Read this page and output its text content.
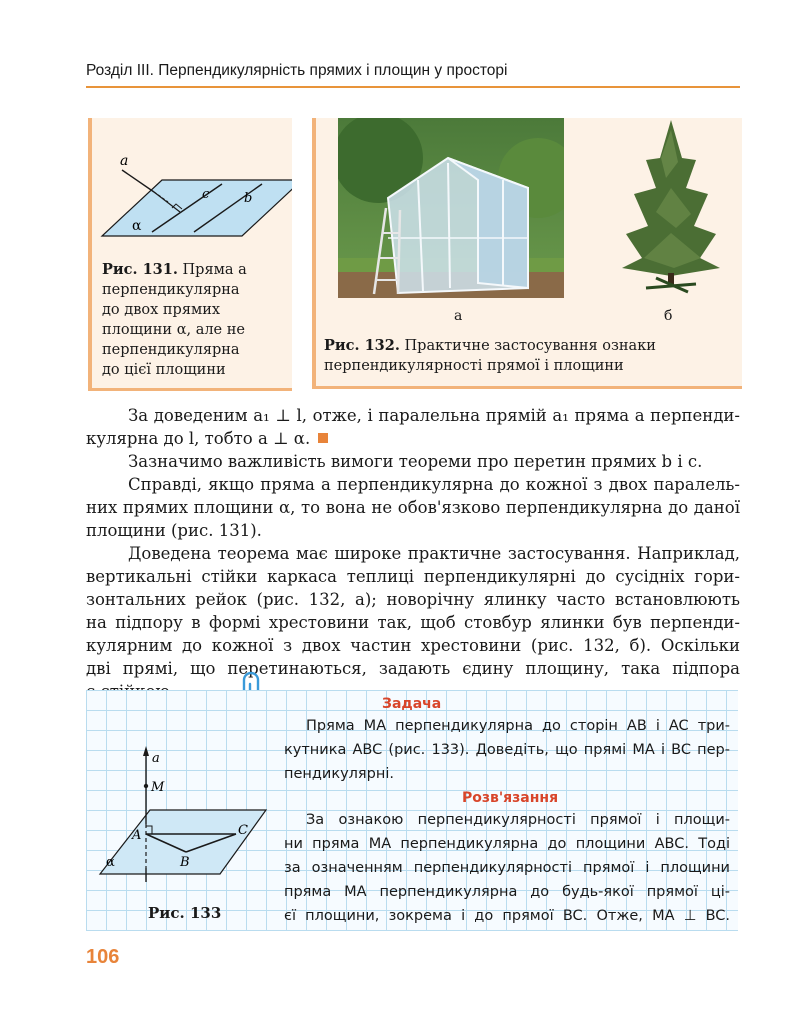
Розділ III. Перпендикулярність прямих і площин у просторі
a
c	b
α
Рис. 131. Пряма a
перпендикулярна
до двох прямих
площини α, але не
перпендикулярна
до цієї площини
а	б
Рис. 132. Практичне застосування ознаки
перпендикулярності прямої і площини
За доведеним a₁ ⊥ l, отже, і паралельна прямій a₁ пряма a перпенди-
кулярна до l, тобто a ⊥ α.
Зазначимо важливість вимоги теореми про перетин прямих b і c.
Справді, якщо пряма a перпендикулярна до кожної з двох паралель-
них прямих площини α, то вона не обов'язково перпендикулярна до даної
площини (рис. 131).
Доведена теорема має широке практичне застосування. Наприклад,
вертикальні стійки каркаса теплиці перпендикулярні до сусідніх гори-
зонтальних рейок (рис. 132, а); новорічну ялинку часто встановлюють
на підпору в формі хрестовини так, щоб стовбур ялинки був перпенди-
кулярним до кожної з двох частин хрестовини (рис. 132, б). Оскільки
дві прямі, що перетинаються, задають єдину площину, така підпора
a
M
A	C
B
α
Рис. 133
Задача
Пряма MA перпендикулярна до сторін AB і AC три-
кутника ABC (рис. 133). Доведіть, що прямі MA і BC пер-
пендикулярні.
Розв'язання
За ознакою перпендикулярності прямої і площи-
ни пряма MA перпендикулярна до площини ABC. Тоді
за означенням перпендикулярності прямої і площини
пряма MA перпендикулярна до будь-якої прямої ці-
єї площини, зокрема і до прямої BC. Отже, MA ⊥ BC.
106
